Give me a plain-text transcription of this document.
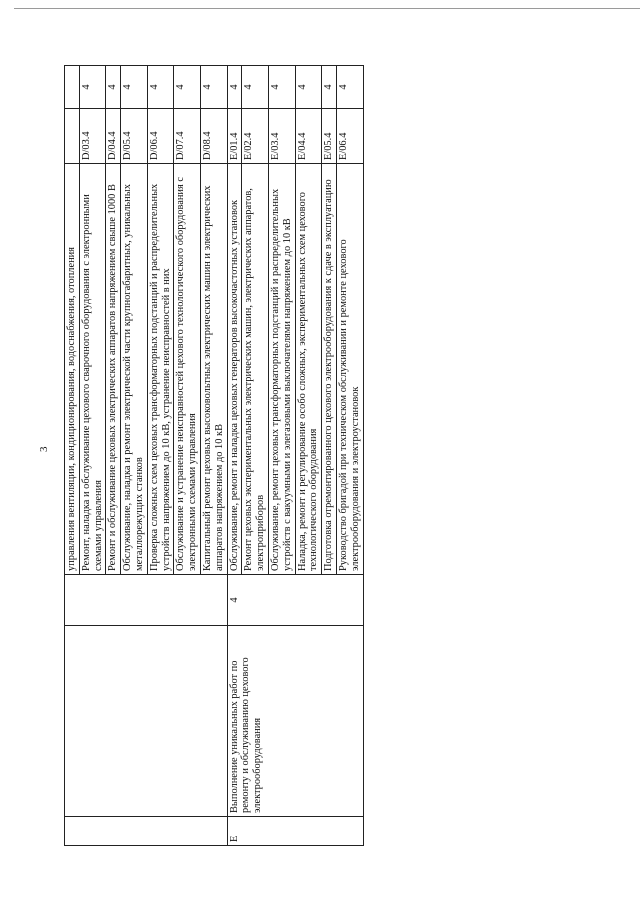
3
			управления вентиляции, кондиционирования, водоснабжения, отопления		
			Ремонт, наладка и обслуживание цехового сварочного оборудования с электронными схемами управления	D/03.4	4
			Ремонт и обслуживание цеховых электрических аппаратов напряжением свыше 1000 В	D/04.4	4
			Обслуживание, наладка и ремонт электрической части крупногабаритных, уникальных металлорежущих станков	D/05.4	4
			Проверка сложных схем цеховых трансформаторных подстанций и распределительных устройств напряжением до 10 кВ, устранение неисправностей в них	D/06.4	4
			Обслуживание и устранение неисправностей цехового технологического оборудования с электронными схемами управления	D/07.4	4
			Капитальный ремонт цеховых высоковольтных электрических машин и электрических аппаратов напряжением до 10 кВ	D/08.4	4
E	Выполнение уникальных работ по ремонту и обслуживанию цехового электрооборудования	4	Обслуживание, ремонт и наладка цеховых генераторов высокочастотных установок	E/01.4	4
			Ремонт цеховых экспериментальных электрических машин, электрических аппаратов, электроприборов	E/02.4	4
			Обслуживание, ремонт цеховых трансформаторных подстанций и распределительных устройств с вакуумными и элегазовыми выключателями напряжением до 10 кВ	E/03.4	4
			Наладка, ремонт и регулирование особо сложных, экспериментальных схем цехового технологического оборудования	E/04.4	4
			Подготовка отремонтированного цехового электрооборудования к сдаче в эксплуатацию	E/05.4	4
			Руководство бригадой при техническом обслуживании и ремонте цехового электрооборудования и электроустановок	E/06.4	4
